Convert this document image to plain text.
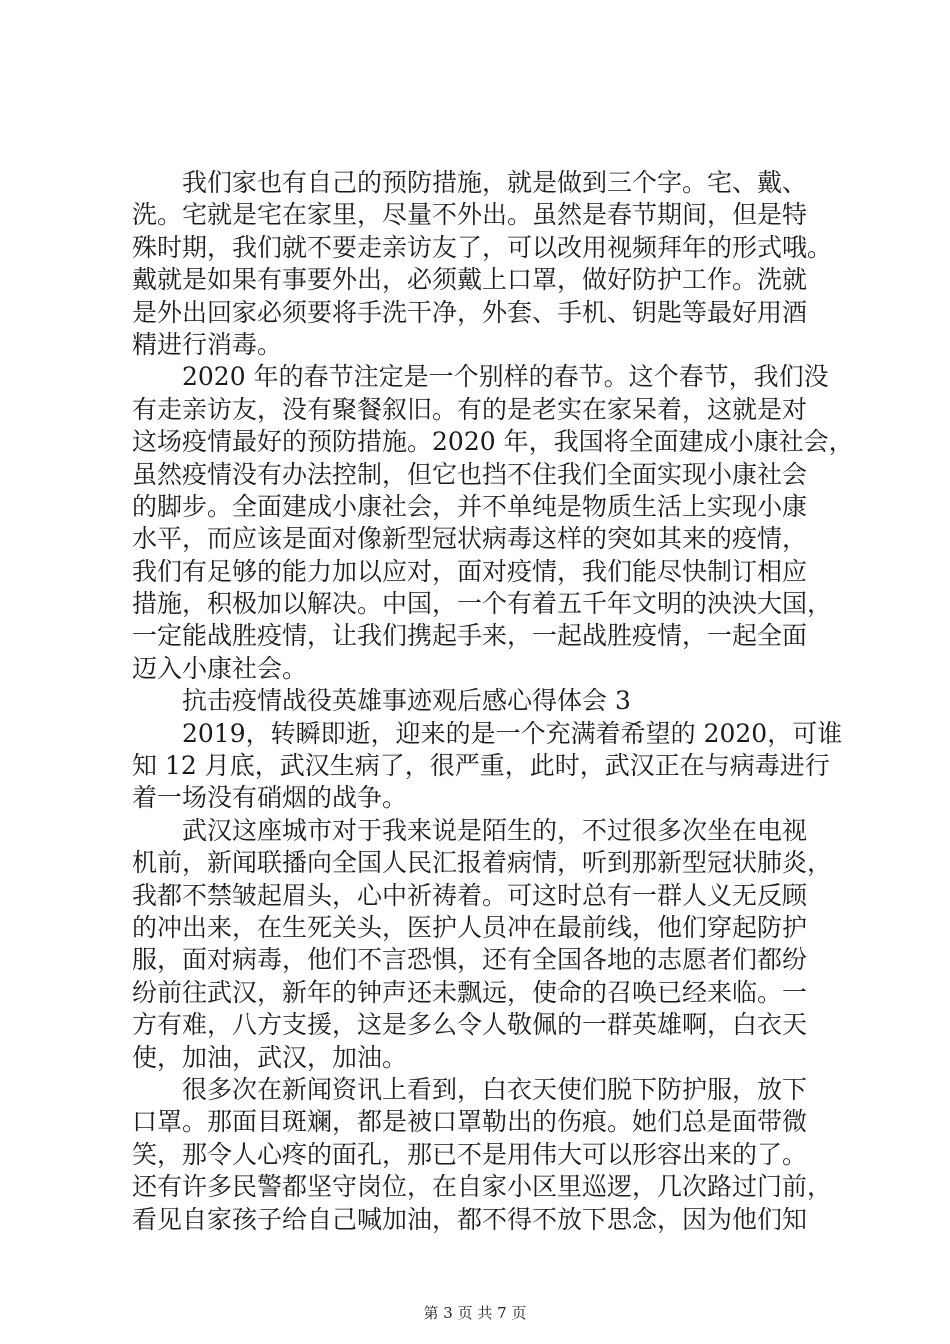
我们家也有自己的预防措施，就是做到三个字。宅、戴、
洗。宅就是宅在家里，尽量不外出。虽然是春节期间，但是特
殊时期，我们就不要走亲访友了，可以改用视频拜年的形式哦。
戴就是如果有事要外出，必须戴上口罩，做好防护工作。洗就
是外出回家必须要将手洗干净，外套、手机、钥匙等最好用酒
精进行消毒。
2020 年的春节注定是一个别样的春节。这个春节，我们没
有走亲访友，没有聚餐叙旧。有的是老实在家呆着，这就是对
这场疫情最好的预防措施。2020 年，我国将全面建成小康社会，
虽然疫情没有办法控制，但它也挡不住我们全面实现小康社会
的脚步。全面建成小康社会，并不单纯是物质生活上实现小康
水平，而应该是面对像新型冠状病毒这样的突如其来的疫情，
我们有足够的能力加以应对，面对疫情，我们能尽快制订相应
措施，积极加以解决。中国，一个有着五千年文明的泱泱大国，
一定能战胜疫情，让我们携起手来，一起战胜疫情，一起全面
迈入小康社会。
抗击疫情战役英雄事迹观后感心得体会 3
2019，转瞬即逝，迎来的是一个充满着希望的 2020，可谁
知 12 月底，武汉生病了，很严重，此时，武汉正在与病毒进行
着一场没有硝烟的战争。
武汉这座城市对于我来说是陌生的，不过很多次坐在电视
机前，新闻联播向全国人民汇报着病情，听到那新型冠状肺炎，
我都不禁皱起眉头，心中祈祷着。可这时总有一群人义无反顾
的冲出来，在生死关头，医护人员冲在最前线，他们穿起防护
服，面对病毒，他们不言恐惧，还有全国各地的志愿者们都纷
纷前往武汉，新年的钟声还未飘远，使命的召唤已经来临。一
方有难，八方支援，这是多么令人敬佩的一群英雄啊，白衣天
使，加油，武汉，加油。
很多次在新闻资讯上看到，白衣天使们脱下防护服，放下
口罩。那面目斑斓，都是被口罩勒出的伤痕。她们总是面带微
笑，那令人心疼的面孔，那已不是用伟大可以形容出来的了。
还有许多民警都坚守岗位，在自家小区里巡逻，几次路过门前，
看见自家孩子给自己喊加油，都不得不放下思念，因为他们知
第 3 页 共 7 页
